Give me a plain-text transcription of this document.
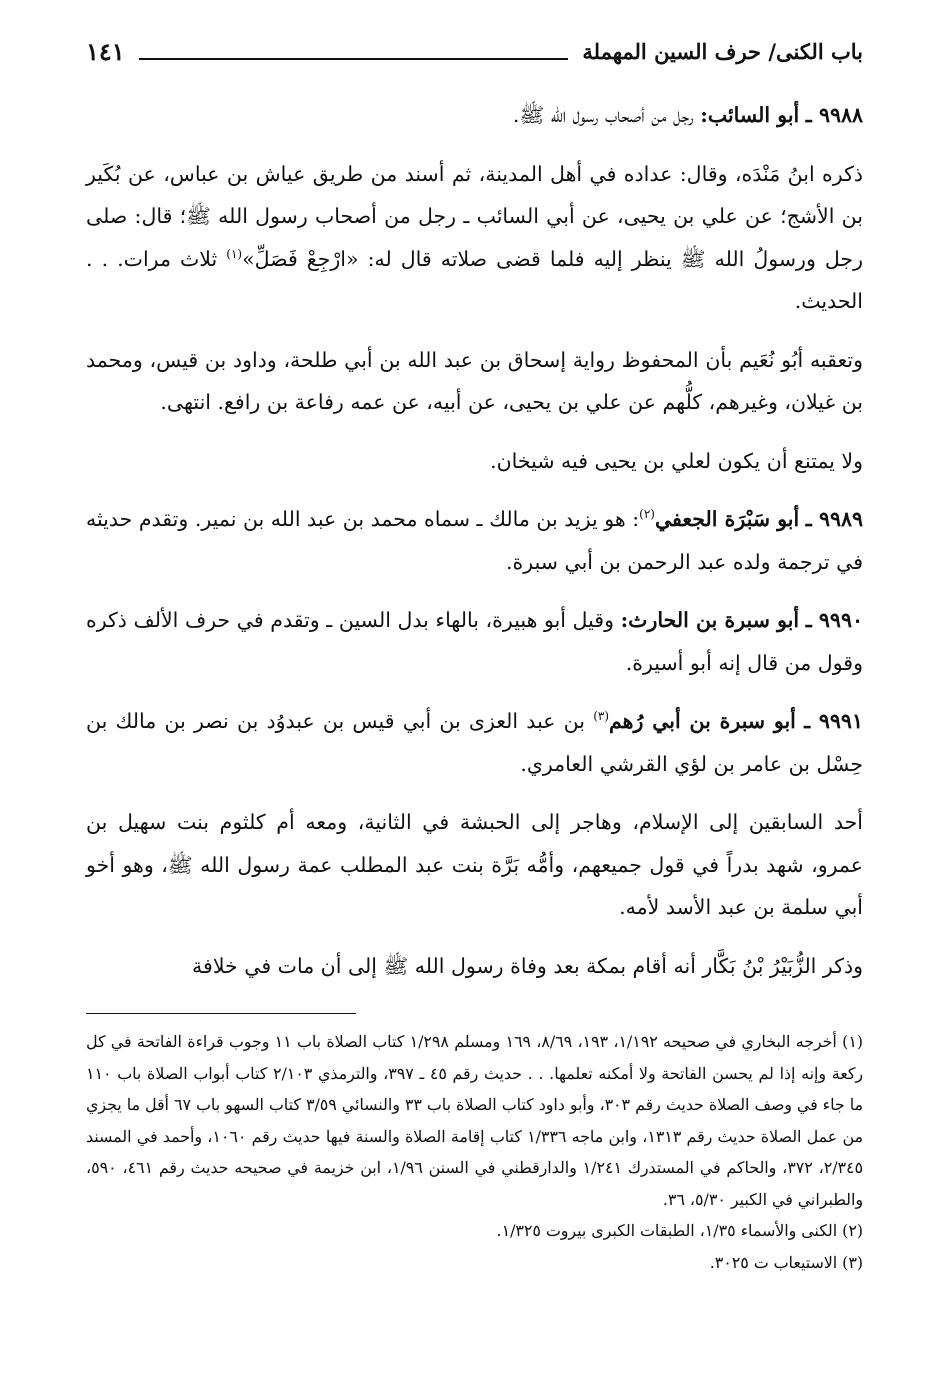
باب الكنى/ حرف السين المهملة
١٤١

٩٩٨٨ ـ أبو السائب: رجل من أصحاب رسول الله ﷺ.

ذكره ابنُ مَنْدَه، وقال: عداده في أهل المدينة، ثم أسند من طريق عياش بن عباس، عن بُكَير بن الأشج؛ عن علي بن يحيى، عن أبي السائب ـ رجل من أصحاب رسول الله ﷺ؛ قال: صلى رجل ورسولُ الله ﷺ ينظر إليه فلما قضى صلاته قال له: «ارْجِعْ فَصَلِّ»$^{(١)}$ ثلاث مرات. . . الحديث.

وتعقبه أبُو نُعَيم بأن المحفوظ رواية إسحاق بن عبد الله بن أبي طلحة، وداود بن قيس، ومحمد بن غيلان، وغيرهم، كلُّهم عن علي بن يحيى، عن أبيه، عن عمه رفاعة بن رافع. انتهى.

ولا يمتنع أن يكون لعلي بن يحيى فيه شيخان.

٩٩٨٩ ـ أبو سَبْرَة الجعفي$^{(٢)}$: هو يزيد بن مالك ـ سماه محمد بن عبد الله بن نمير. وتقدم حديثه في ترجمة ولده عبد الرحمن بن أبي سبرة.

٩٩٩٠ ـ أبو سبرة بن الحارث: وقيل أبو هبيرة، بالهاء بدل السين ـ وتقدم في حرف الألف ذكره وقول من قال إنه أبو أسيرة.

٩٩٩١ ـ أبو سبرة بن أبي رُهم$^{(٣)}$ بن عبد العزى بن أبي قيس بن عبدوُد بن نصر بن مالك بن حِسْل بن عامر بن لؤي القرشي العامري.

أحد السابقين إلى الإسلام، وهاجر إلى الحبشة في الثانية، ومعه أم كلثوم بنت سهيل بن عمرو، شهد بدراً في قول جميعهم، وأمُّه بَرَّة بنت عبد المطلب عمة رسول الله ﷺ، وهو أخو أبي سلمة بن عبد الأسد لأمه.

وذكر الزُّبَيْرُ بْنُ بَكَّار أنه أقام بمكة بعد وفاة رسول الله ﷺ إلى أن مات في خلافة

(١) أخرجه البخاري في صحيحه ١/١٩٢، ١٩٣، ٨/٦٩، ١٦٩ ومسلم ١/٢٩٨ كتاب الصلاة باب ١١ وجوب قراءة الفاتحة في كل ركعة وإنه إذا لم يحسن الفاتحة ولا أمكنه تعلمها. . . حديث رقم ٤٥ ـ ٣٩٧، والترمذي ٢/١٠٣ كتاب أبواب الصلاة باب ١١٠ ما جاء في وصف الصلاة حديث رقم ٣٠٣، وأبو داود كتاب الصلاة باب ٣٣ والنسائي ٣/٥٩ كتاب السهو باب ٦٧ أقل ما يجزي من عمل الصلاة حديث رقم ١٣١٣، وابن ماجه ١/٣٣٦ كتاب إقامة الصلاة والسنة فيها حديث رقم ١٠٦٠، وأحمد في المسند ٢/٣٤٥، ٣٧٢، والحاكم في المستدرك ١/٢٤١ والدارقطني في السنن ١/٩٦، ابن خزيمة في صحيحه حديث رقم ٤٦١، ٥٩٠، والطبراني في الكبير ٥/٣٠، ٣٦.

(٢) الكنى والأسماء ١/٣٥، الطبقات الكبرى بيروت ١/٣٢٥.

(٣) الاستيعاب ت ٣٠٢٥.
